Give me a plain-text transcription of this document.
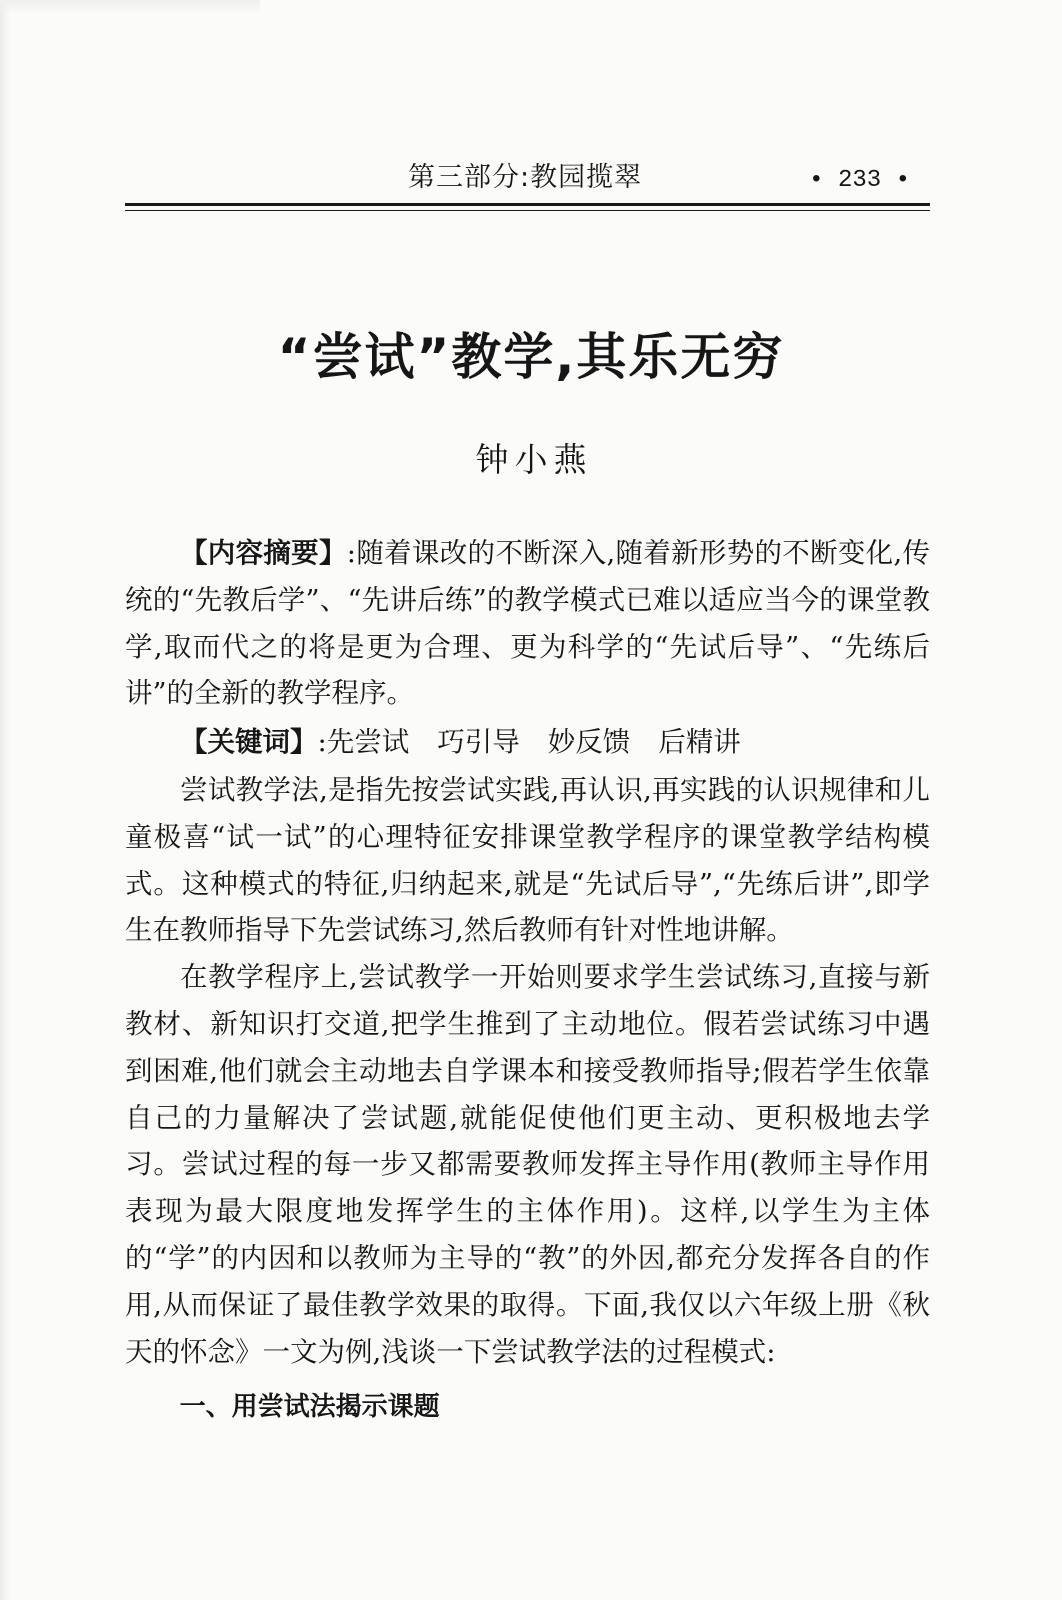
第三部分:教园揽翠	• 233 •
“尝试”教学,其乐无穷
钟小燕

【内容摘要】:随着课改的不断深入,随着新形势的不断变化,传统的“先教后学”、“先讲后练”的教学模式已难以适应当今的课堂教学,取而代之的将是更为合理、更为科学的“先试后导”、“先练后讲”的全新的教学程序。

【关键词】:先尝试 巧引导 妙反馈 后精讲

尝试教学法,是指先按尝试实践,再认识,再实践的认识规律和儿童极喜“试一试”的心理特征安排课堂教学程序的课堂教学结构模式。这种模式的特征,归纳起来,就是“先试后导”,“先练后讲”,即学生在教师指导下先尝试练习,然后教师有针对性地讲解。

在教学程序上,尝试教学一开始则要求学生尝试练习,直接与新教材、新知识打交道,把学生推到了主动地位。假若尝试练习中遇到困难,他们就会主动地去自学课本和接受教师指导;假若学生依靠自己的力量解决了尝试题,就能促使他们更主动、更积极地去学习。尝试过程的每一步又都需要教师发挥主导作用(教师主导作用表现为最大限度地发挥学生的主体作用)。这样,以学生为主体的“学”的内因和以教师为主导的“教”的外因,都充分发挥各自的作用,从而保证了最佳教学效果的取得。下面,我仅以六年级上册《秋天的怀念》一文为例,浅谈一下尝试教学法的过程模式:

一、用尝试法揭示课题
